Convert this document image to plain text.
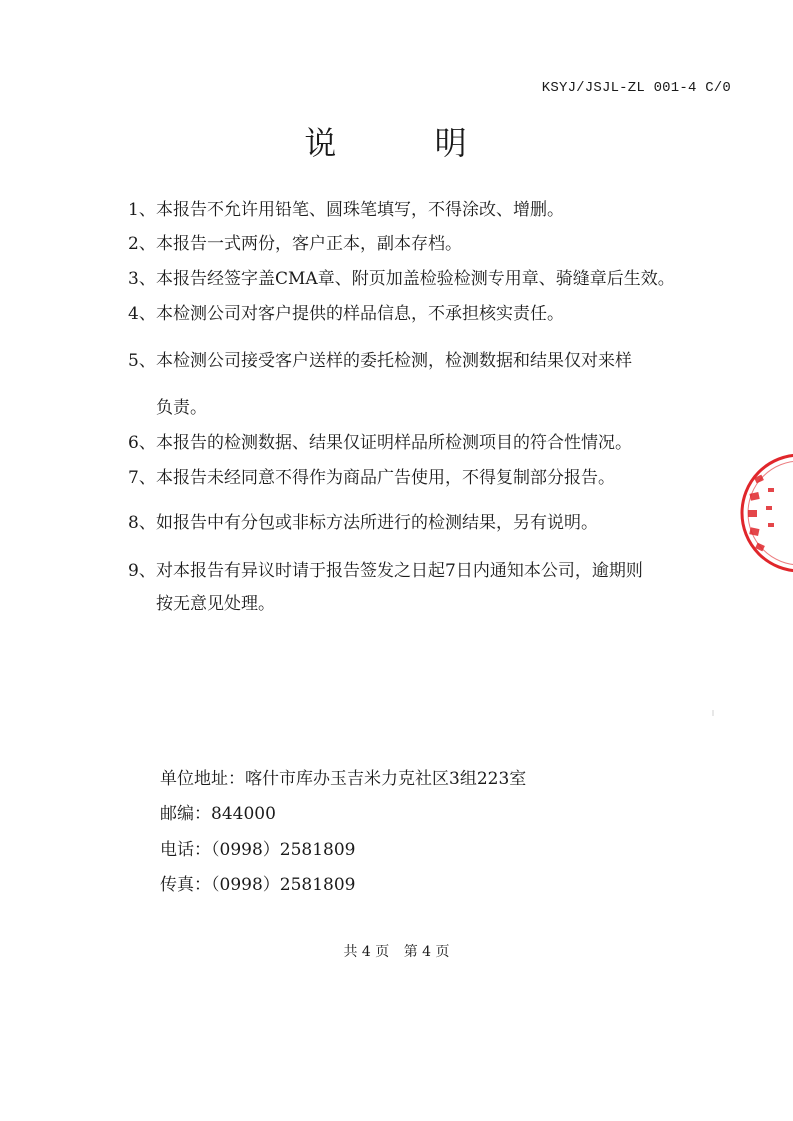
KSYJ/JSJL-ZL 001-4 C/0
说 明
1、 本报告不允许用铅笔、圆珠笔填写，不得涂改、增删。
2、 本报告一式两份，客户正本，副本存档。
3、 本报告经签字盖CMA章、附页加盖检验检测专用章、骑缝章后生效。
4、 本检测公司对客户提供的样品信息，不承担核实责任。
5、 本检测公司接受客户送样的委托检测，检测数据和结果仅对来样
负责。
6、 本报告的检测数据、结果仅证明样品所检测项目的符合性情况。
7、 本报告未经同意不得作为商品广告使用，不得复制部分报告。
8、 如报告中有分包或非标方法所进行的检测结果，另有说明。
9、 对本报告有异议时请于报告签发之日起7日内通知本公司，逾期则
按无意见处理。
单位地址：喀什市库办玉吉米力克社区3组223室
邮编：844000
电话：（0998）2581809
传真：（0998）2581809
共 4 页 第 4 页
